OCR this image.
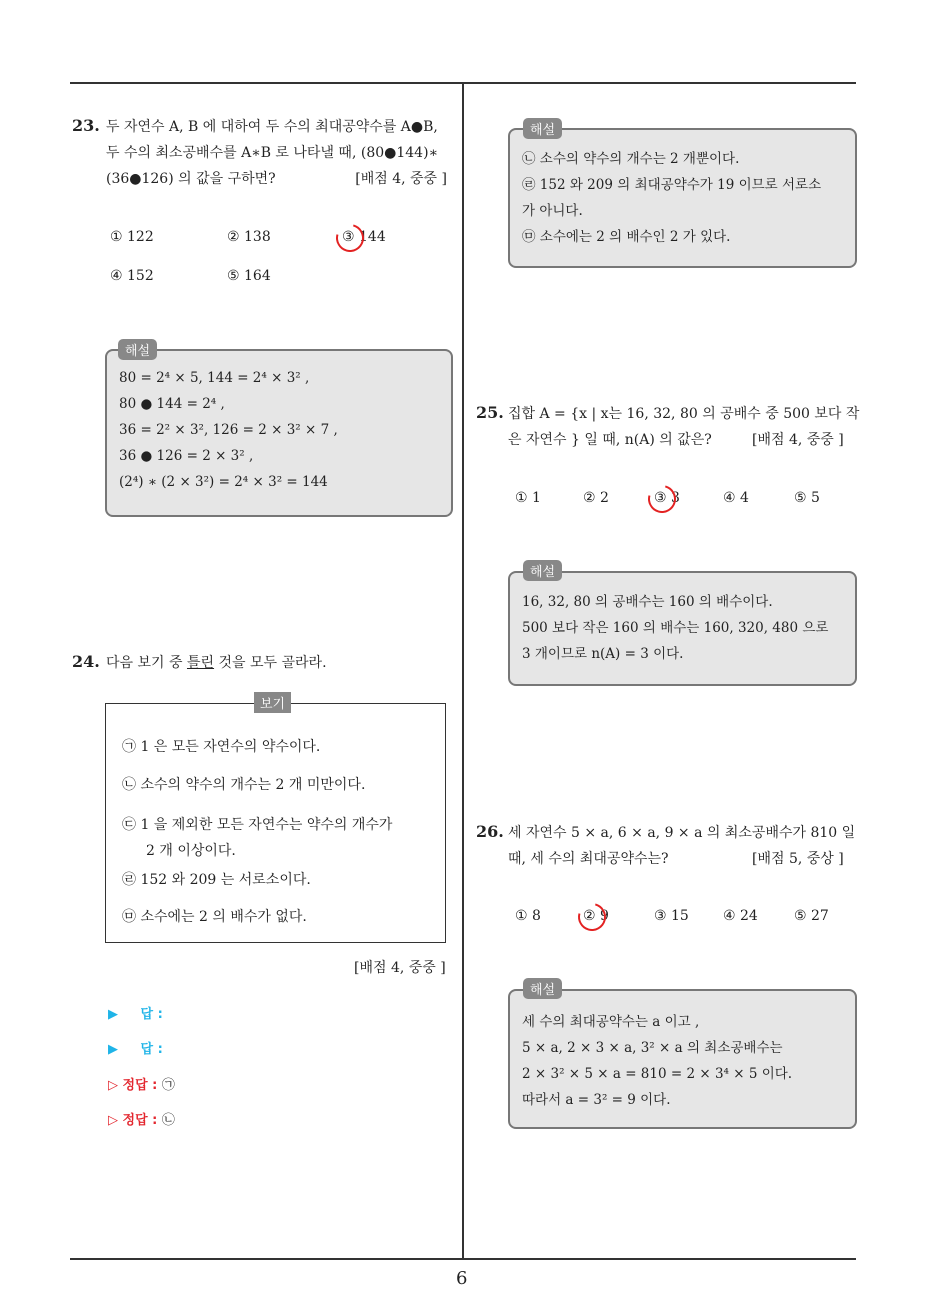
6
23. 두 자연수 A, B 에 대하여 두 수의 최대공약수를 A●B,
두 수의 최소공배수를 A∗B 로 나타낼 때, (80●144)∗
(36●126) 의 값을 구하면?	[배점 4, 중중 ]
① 122	② 138	③ 144
④ 152	⑤ 164
80 = 2⁴ × 5, 144 = 2⁴ × 3² ,
80 ● 144 = 2⁴ ,
36 = 2² × 3², 126 = 2 × 3² × 7 ,
36 ● 126 = 2 × 3² ,
(2⁴) ∗ (2 × 3²) = 2⁴ × 3² = 144
해설
24. 다음 보기 중 틀린 것을 모두 골라라.
보기
㉠ 1 은 모든 자연수의 약수이다.
㉡ 소수의 약수의 개수는 2 개 미만이다.
㉢ 1 을 제외한 모든 자연수는 약수의 개수가
2 개 이상이다.
㉣ 152 와 209 는 서로소이다.
㉤ 소수에는 2 의 배수가 없다.
[배점 4, 중중 ]
▶ 답 :
▶ 답 :
▷ 정답 : ㉠
▷ 정답 : ㉡
㉡ 소수의 약수의 개수는 2 개뿐이다.
㉣ 152 와 209 의 최대공약수가 19 이므로 서로소
가 아니다.
㉤ 소수에는 2 의 배수인 2 가 있다.
해설
25. 집합 A = {x | x는 16, 32, 80 의 공배수 중 500 보다 작
은 자연수 } 일 때, n(A) 의 값은?	[배점 4, 중중 ]
① 1	② 2	③ 3	④ 4	⑤ 5
16, 32, 80 의 공배수는 160 의 배수이다.
500 보다 작은 160 의 배수는 160, 320, 480 으로
3 개이므로 n(A) = 3 이다.
해설
26. 세 자연수 5 × a, 6 × a, 9 × a 의 최소공배수가 810 일
때, 세 수의 최대공약수는?	[배점 5, 중상 ]
① 8	② 9	③ 15 ④ 24	⑤ 27
세 수의 최대공약수는 a 이고 ,
5 × a, 2 × 3 × a, 3² × a 의 최소공배수는
2 × 3² × 5 × a = 810 = 2 × 3⁴ × 5 이다.
따라서 a = 3² = 9 이다.
해설
